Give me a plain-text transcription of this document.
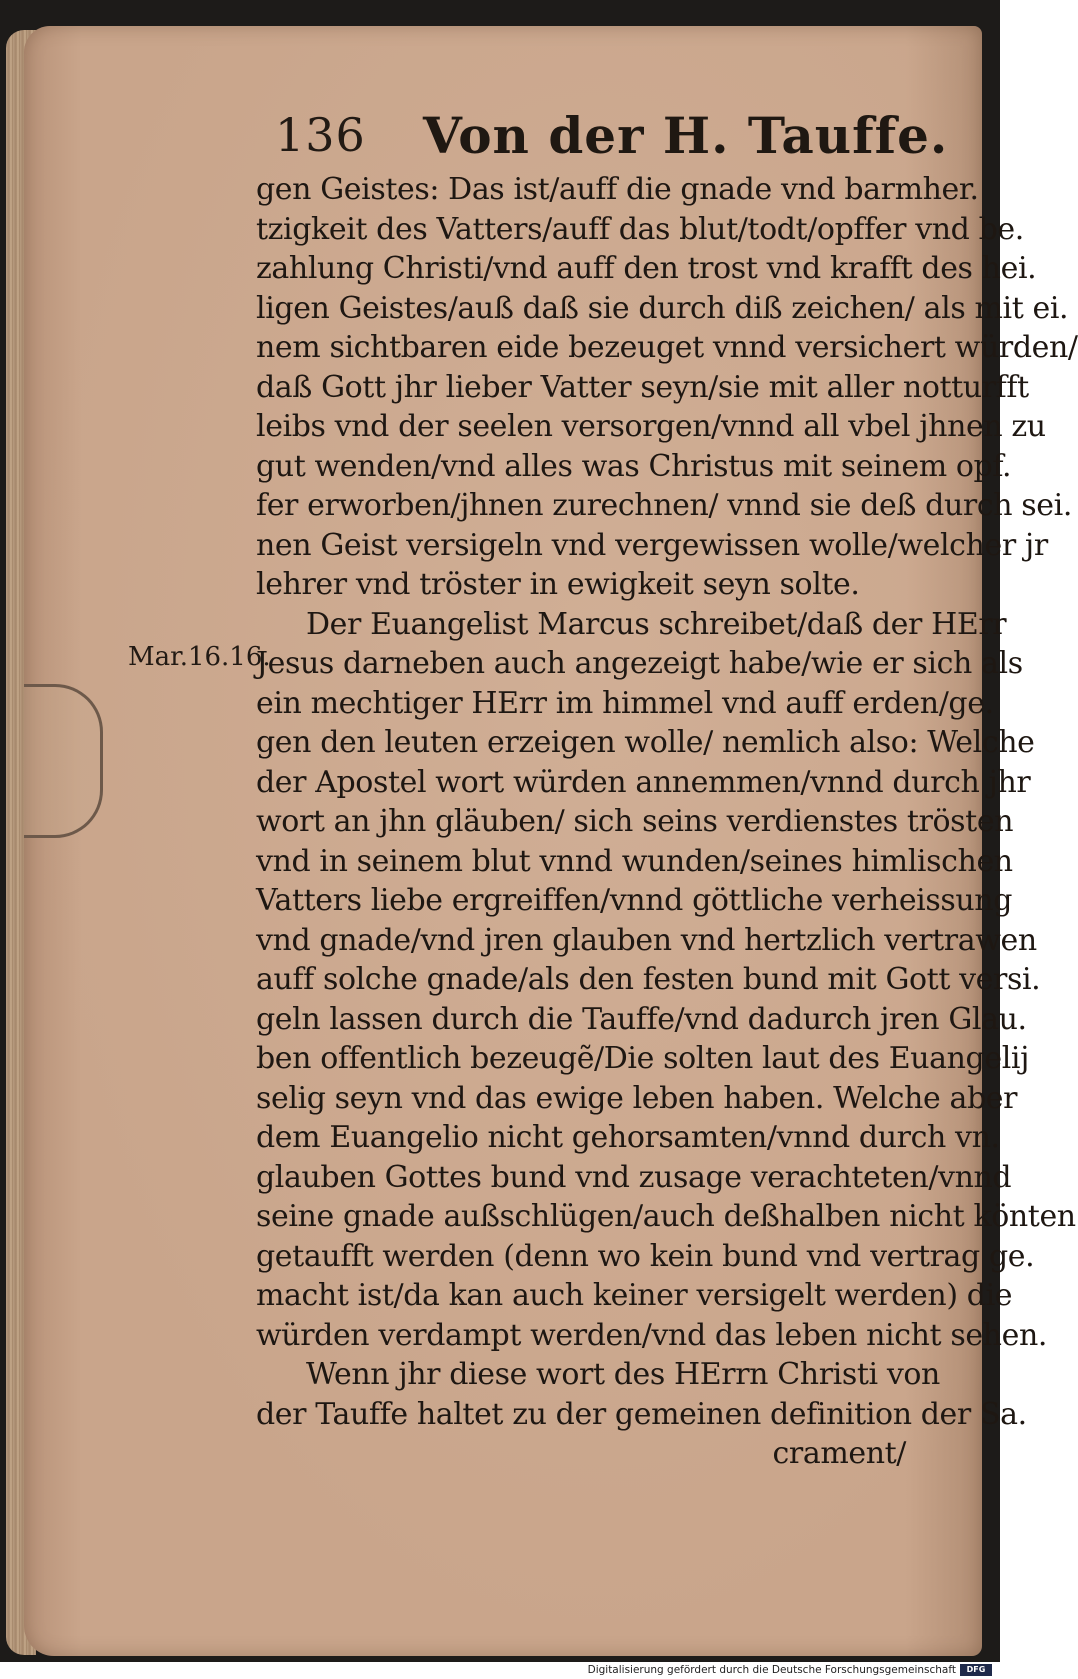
136 Von der H. Tauffe.
Mar.16.16.
gen Geistes: Das ist/auff die gnade vnd barmher.
tzigkeit des Vatters/auff das blut/todt/opffer vnd be.
zahlung Christi/vnd auff den trost vnd krafft des hei.
ligen Geistes/auß daß sie durch diß zeichen/ als mit ei.
nem sichtbaren eide bezeuget vnnd versichert würden/
daß Gott jhr lieber Vatter seyn/sie mit aller notturfft
leibs vnd der seelen versorgen/vnnd all vbel jhnen zu
gut wenden/vnd alles was Christus mit seinem opf.
fer erworben/jhnen zurechnen/ vnnd sie deß durch sei.
nen Geist versigeln vnd vergewissen wolle/welcher jr
lehrer vnd tröster in ewigkeit seyn solte.
Der Euangelist Marcus schreibet/daß der HErr
Jesus darneben auch angezeigt habe/wie er sich als
ein mechtiger HErr im himmel vnd auff erden/ge.
gen den leuten erzeigen wolle/ nemlich also: Welche
der Apostel wort würden annemmen/vnnd durch jhr
wort an jhn gläuben/ sich seins verdienstes trösten
vnd in seinem blut vnnd wunden/seines himlischen
Vatters liebe ergreiffen/vnnd göttliche verheissung
vnd gnade/vnd jren glauben vnd hertzlich vertrawen
auff solche gnade/als den festen bund mit Gott versi.
geln lassen durch die Tauffe/vnd dadurch jren Glau.
ben offentlich bezeugẽ/Die solten laut des Euangelij
selig seyn vnd das ewige leben haben. Welche aber
dem Euangelio nicht gehorsamten/vnnd durch vn.
glauben Gottes bund vnd zusage verachteten/vnnd
seine gnade außschlügen/auch deßhalben nicht könten
getaufft werden (denn wo kein bund vnd vertrag ge.
macht ist/da kan auch keiner versigelt werden) die
würden verdampt werden/vnd das leben nicht sehen.
Wenn jhr diese wort des HErrn Christi von
der Tauffe haltet zu der gemeinen definition der Sa.
crament/
Digitalisierung gefördert durch die Deutsche Forschungsgemeinschaft	DFG
